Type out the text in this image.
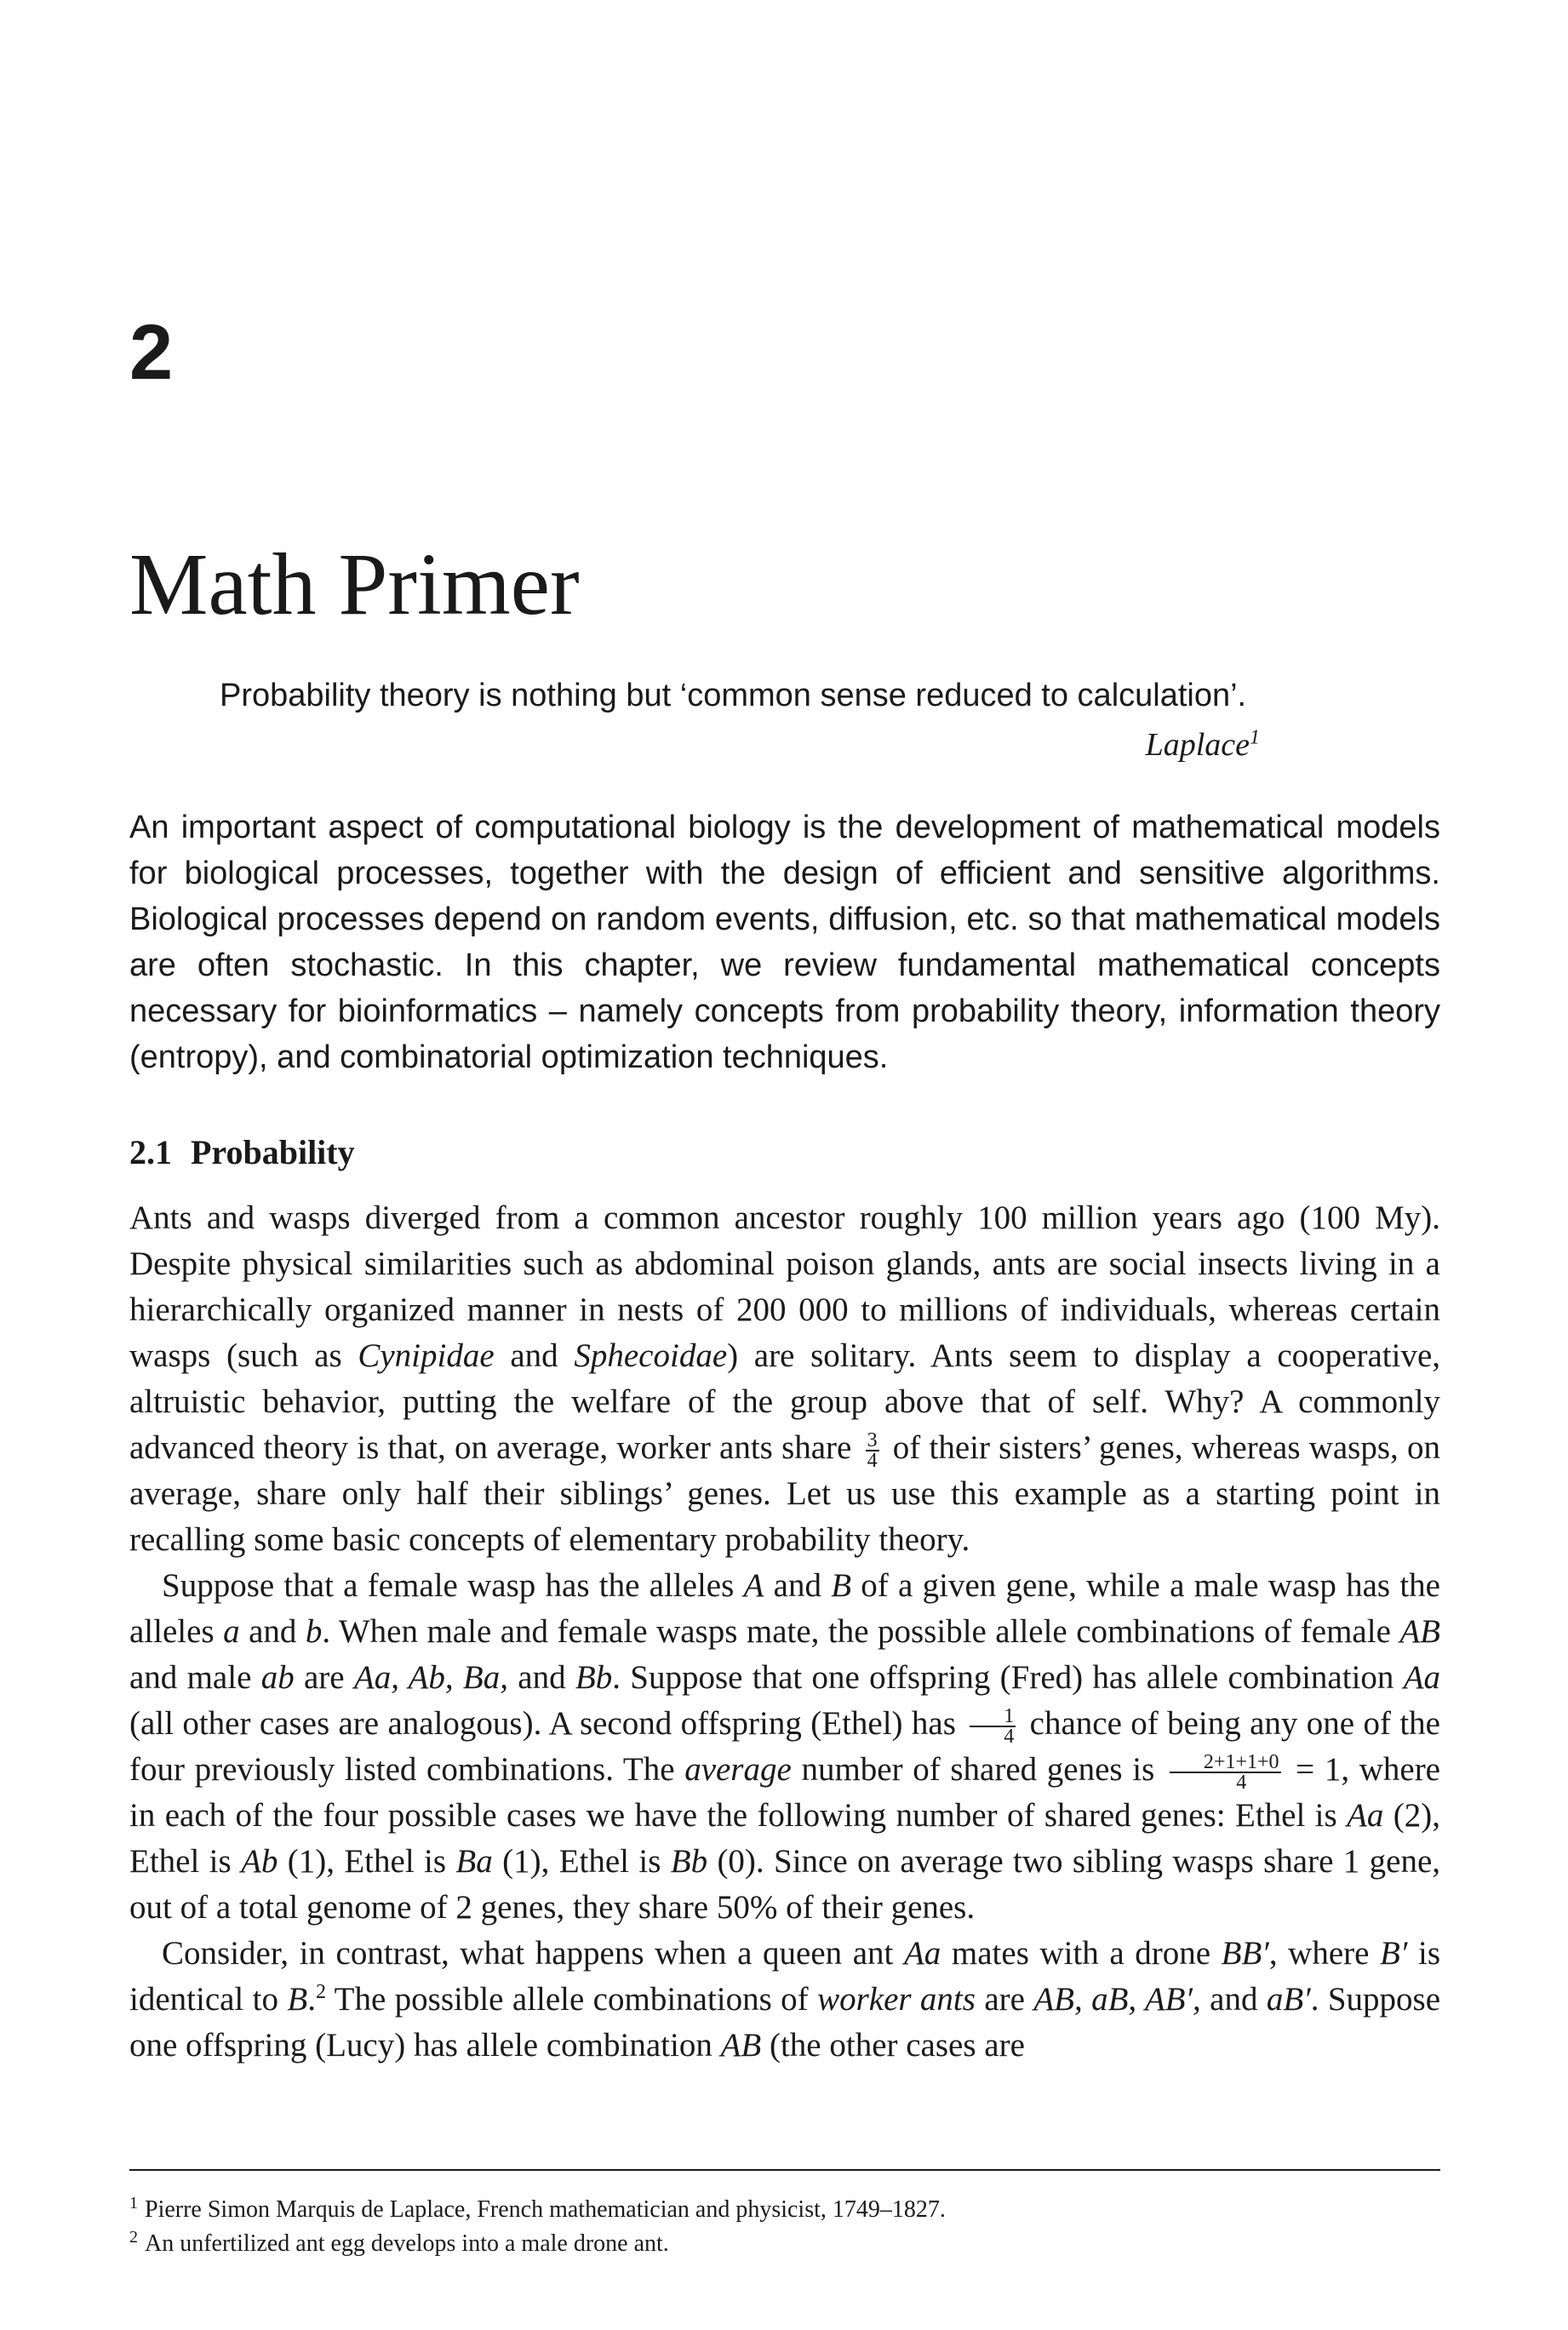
2
Math Primer
Probability theory is nothing but ‘common sense reduced to calculation’.
Laplace$^1$
An important aspect of computational biology is the development of mathematical models for biological processes, together with the design of efficient and sensitive algorithms. Biological processes depend on random events, diffusion, etc. so that mathematical models are often stochastic. In this chapter, we review fundamental mathematical concepts necessary for bioinformatics – namely concepts from probability theory, information theory (entropy), and combinatorial optimization techniques.
2.1 Probability

Ants and wasps diverged from a common ancestor roughly 100 million years ago (100 My). Despite physical similarities such as abdominal poison glands, ants are social insects living in a hierarchically organized manner in nests of 200 000 to millions of individuals, whereas certain wasps (such as Cynipidae and Sphecoidae) are solitary. Ants seem to display a cooperative, altruistic behavior, putting the welfare of the group above that of self. Why? A commonly advanced theory is that, on average, worker ants share $\frac{3}{4}$ of their sisters’ genes, whereas wasps, on average, share only half their siblings’ genes. Let us use this example as a starting point in recalling some basic concepts of elementary probability theory.

Suppose that a female wasp has the alleles A and B of a given gene, while a male wasp has the alleles a and b. When male and female wasps mate, the possible allele combinations of female AB and male ab are Aa, Ab, Ba, and Bb. Suppose that one offspring (Fred) has allele combination Aa (all other cases are analogous). A second offspring (Ethel) has $\frac{1}{4}$ chance of being any one of the four previously listed combinations. The average number of shared genes is $\frac{2+1+1+0}{4} = 1$, where in each of the four possible cases we have the following number of shared genes: Ethel is Aa (2), Ethel is Ab (1), Ethel is Ba (1), Ethel is Bb (0). Since on average two sibling wasps share 1 gene, out of a total genome of 2 genes, they share 50% of their genes.

Consider, in contrast, what happens when a queen ant Aa mates with a drone BB′, where B′ is identical to B.$^2$ The possible allele combinations of worker ants are AB, aB, AB′, and aB′. Suppose one offspring (Lucy) has allele combination AB (the other cases are

$^1$ Pierre Simon Marquis de Laplace, French mathematician and physicist, 1749–1827.
$^2$ An unfertilized ant egg develops into a male drone ant.
